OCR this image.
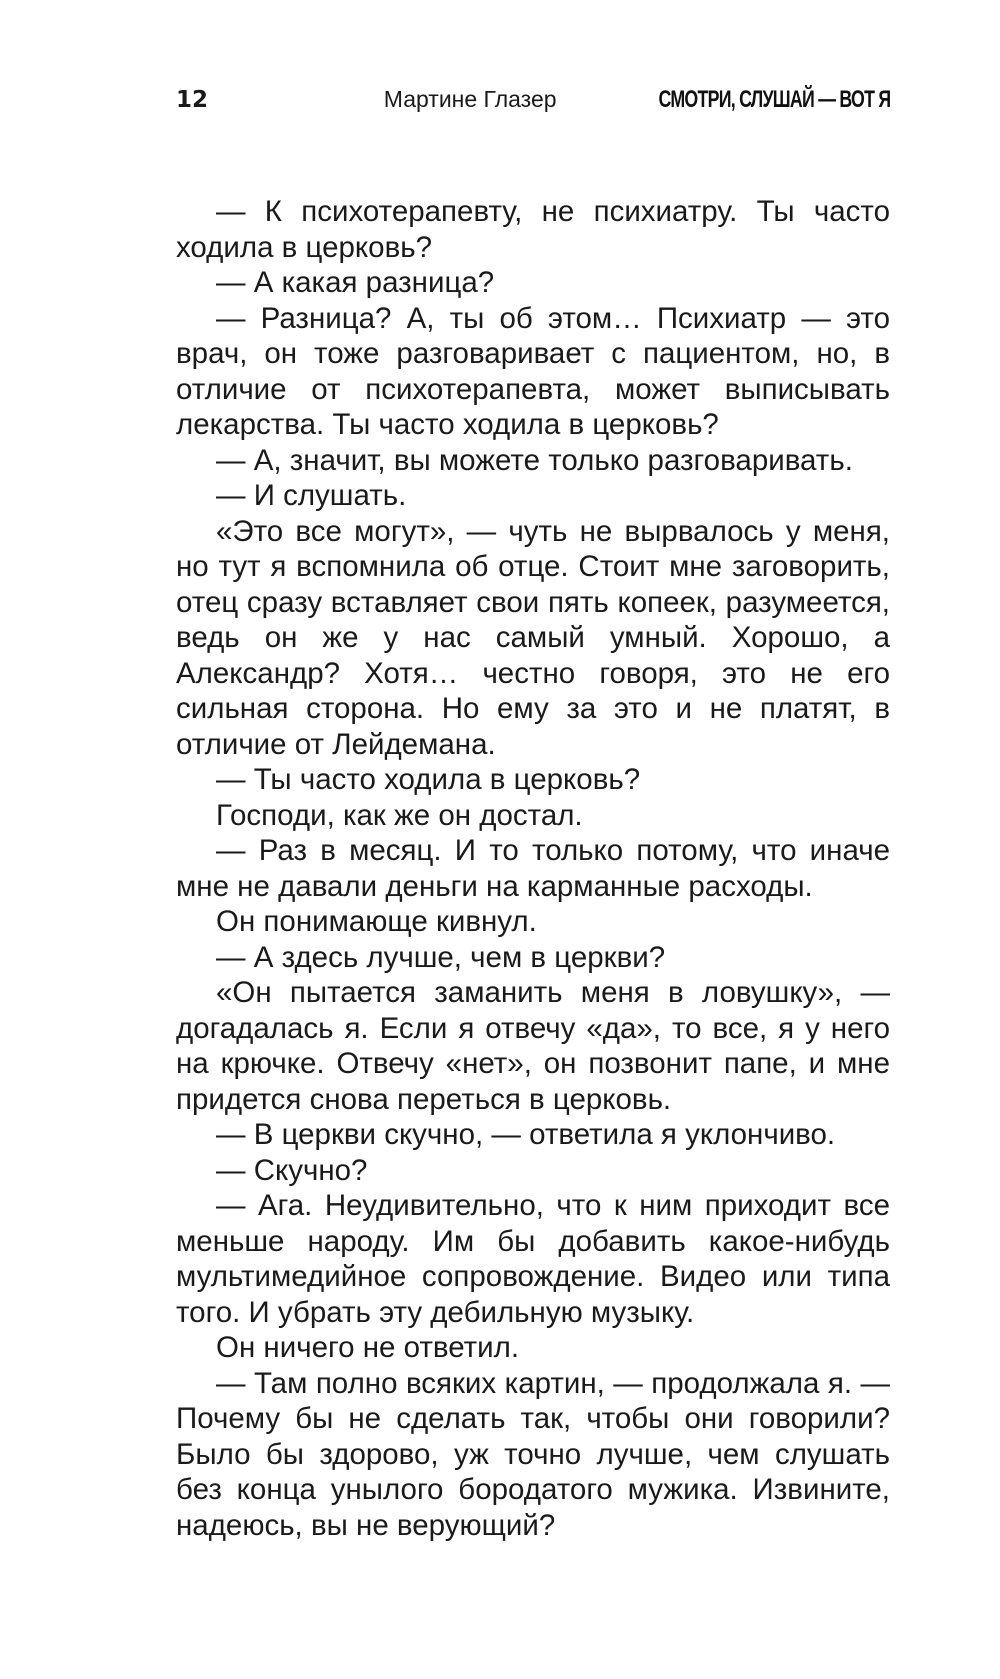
12	Мартине Глазер	СМОТРИ, СЛУШАЙ — ВОТ Я

— К психотерапевту, не психиатру. Ты часто ходила в церковь?

— А какая разница?

— Разница? А, ты об этом… Психиатр — это врач, он тоже разговаривает с пациентом, но, в отличие от психотерапевта, может выписывать лекарства. Ты часто ходила в церковь?

— А, значит, вы можете только разговаривать.

— И слушать.

«Это все могут», — чуть не вырвалось у меня, но тут я вспомнила об отце. Стоит мне заговорить, отец сразу вставляет свои пять копеек, разумеется, ведь он же у нас самый умный. Хорошо, а Александр? Хотя… честно говоря, это не его сильная сторона. Но ему за это и не платят, в отличие от Лейдемана.

— Ты часто ходила в церковь?

Господи, как же он достал.

— Раз в месяц. И то только потому, что иначе мне не давали деньги на карманные расходы.

Он понимающе кивнул.

— А здесь лучше, чем в церкви?

«Он пытается заманить меня в ловушку», — догадалась я. Если я отвечу «да», то все, я у него на крючке. Отвечу «нет», он позвонит папе, и мне придется снова переться в церковь.

— В церкви скучно, — ответила я уклончиво.

— Скучно?

— Ага. Неудивительно, что к ним приходит все меньше народу. Им бы добавить какое-нибудь мультимедийное сопровождение. Видео или типа того. И убрать эту дебильную музыку.

Он ничего не ответил.

— Там полно всяких картин, — продолжала я. — Почему бы не сделать так, чтобы они говорили? Было бы здорово, уж точно лучше, чем слушать без конца унылого бородатого мужика. Извините, надеюсь, вы не верующий?
